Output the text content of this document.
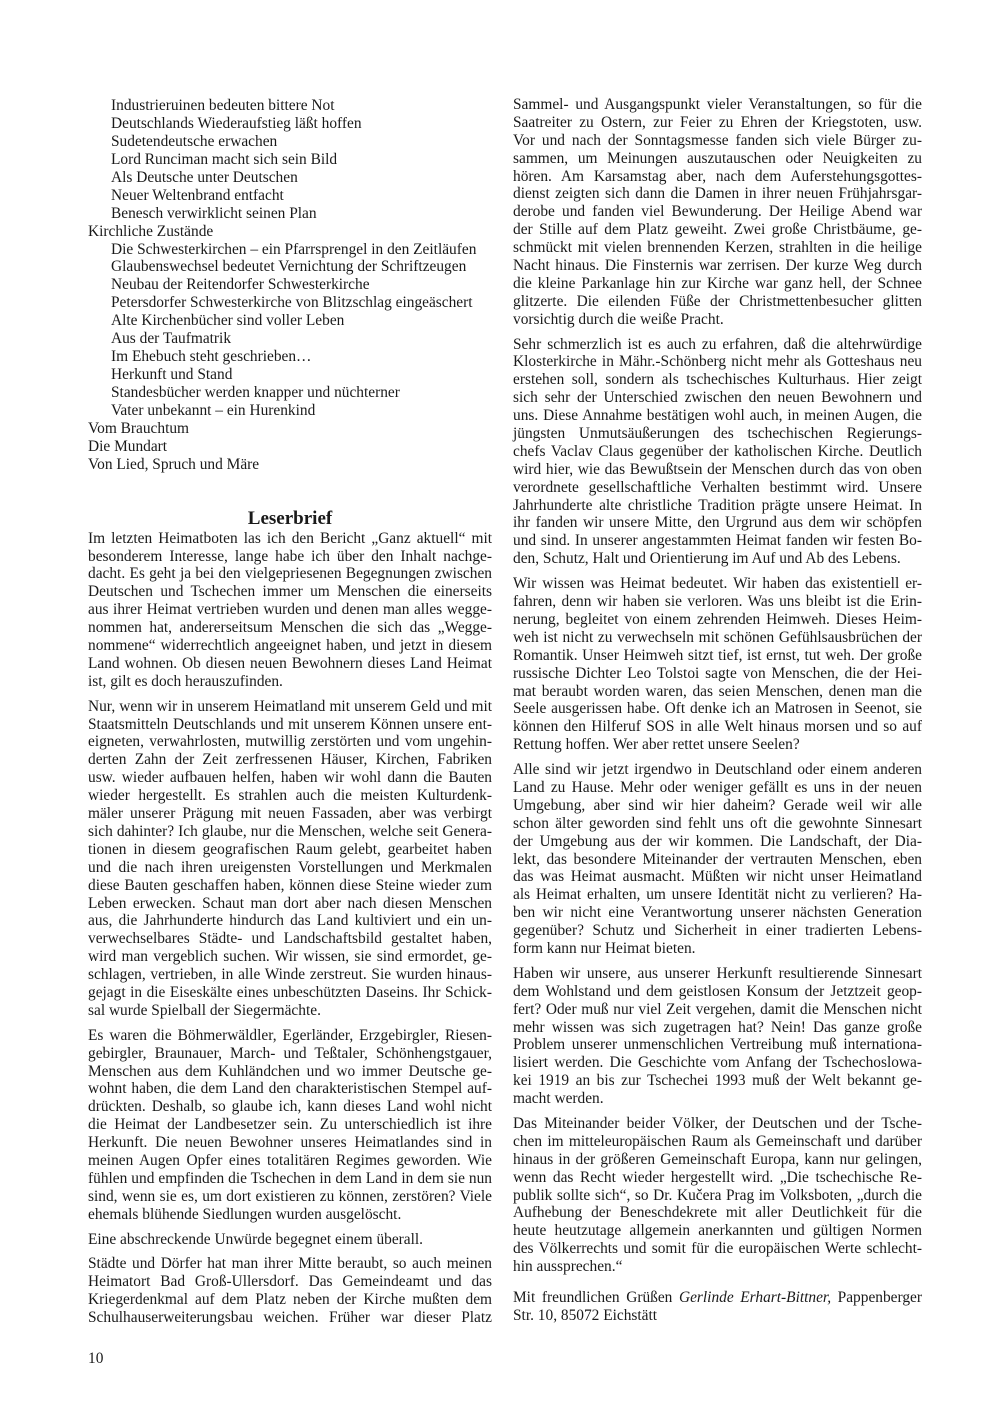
Industrieruinen bedeuten bittere Not
Deutschlands Wiederaufstieg läßt hoffen
Sudetendeutsche erwachen
Lord Runciman macht sich sein Bild
Als Deutsche unter Deutschen
Neuer Weltenbrand entfacht
Benesch verwirklicht seinen Plan
Kirchliche Zustände
Die Schwesterkirchen – ein Pfarrsprengel in den Zeitläufen
Glaubenswechsel bedeutet Vernichtung der Schriftzeugen
Neubau der Reitendorfer Schwesterkirche
Petersdorfer Schwesterkirche von Blitzschlag eingeäschert
Alte Kirchenbücher sind voller Leben
Aus der Taufmatrik
Im Ehebuch steht geschrieben…
Herkunft und Stand
Standesbücher werden knapper und nüchterner
Vater unbekannt – ein Hurenkind
Vom Brauchtum
Die Mundart
Von Lied, Spruch und Märe
Leserbrief
Im letzten Heimatboten las ich den Bericht „Ganz aktuell“ mit
besonderem Interesse, lange habe ich über den Inhalt nachge-
dacht. Es geht ja bei den vielgepriesenen Begegnungen zwischen
Deutschen und Tschechen immer um Menschen die einerseits
aus ihrer Heimat vertrieben wurden und denen man alles wegge-
nommen hat, andererseitsum Menschen die sich das „Wegge-
nommene“ widerrechtlich angeeignet haben, und jetzt in diesem
Land wohnen. Ob diesen neuen Bewohnern dieses Land Heimat
ist, gilt es doch herauszufinden.
Nur, wenn wir in unserem Heimatland mit unserem Geld und mit
Staatsmitteln Deutschlands und mit unserem Können unsere ent-
eigneten, verwahrlosten, mutwillig zerstörten und vom ungehin-
derten Zahn der Zeit zerfressenen Häuser, Kirchen, Fabriken
usw. wieder aufbauen helfen, haben wir wohl dann die Bauten
wieder hergestellt. Es strahlen auch die meisten Kulturdenk-
mäler unserer Prägung mit neuen Fassaden, aber was verbirgt
sich dahinter? Ich glaube, nur die Menschen, welche seit Genera-
tionen in diesem geografischen Raum gelebt, gearbeitet haben
und die nach ihren ureigensten Vorstellungen und Merkmalen
diese Bauten geschaffen haben, können diese Steine wieder zum
Leben erwecken. Schaut man dort aber nach diesen Menschen
aus, die Jahrhunderte hindurch das Land kultiviert und ein un-
verwechselbares Städte- und Landschaftsbild gestaltet haben,
wird man vergeblich suchen. Wir wissen, sie sind ermordet, ge-
schlagen, vertrieben, in alle Winde zerstreut. Sie wurden hinaus-
gejagt in die Eiseskälte eines unbeschützten Daseins. Ihr Schick-
sal wurde Spielball der Siegermächte.
Es waren die Böhmerwäldler, Egerländer, Erzgebirgler, Riesen-
gebirgler, Braunauer, March- und Teßtaler, Schönhengstgauer,
Menschen aus dem Kuhländchen und wo immer Deutsche ge-
wohnt haben, die dem Land den charakteristischen Stempel auf-
drückten. Deshalb, so glaube ich, kann dieses Land wohl nicht
die Heimat der Landbesetzer sein. Zu unterschiedlich ist ihre
Herkunft. Die neuen Bewohner unseres Heimatlandes sind in
meinen Augen Opfer eines totalitären Regimes geworden. Wie
fühlen und empfinden die Tschechen in dem Land in dem sie nun
sind, wenn sie es, um dort existieren zu können, zerstören? Viele
ehemals blühende Siedlungen wurden ausgelöscht.
Eine abschreckende Unwürde begegnet einem überall.
Städte und Dörfer hat man ihrer Mitte beraubt, so auch meinen
Heimatort Bad Groß-Ullersdorf. Das Gemeindeamt und das
Kriegerdenkmal auf dem Platz neben der Kirche mußten dem
Schulhauserweiterungsbau weichen. Früher war dieser Platz
Sammel- und Ausgangspunkt vieler Veranstaltungen, so für die
Saatreiter zu Ostern, zur Feier zu Ehren der Kriegstoten, usw.
Vor und nach der Sonntagsmesse fanden sich viele Bürger zu-
sammen, um Meinungen auszutauschen oder Neuigkeiten zu
hören. Am Karsamstag aber, nach dem Auferstehungsgottes-
dienst zeigten sich dann die Damen in ihrer neuen Frühjahrsgar-
derobe und fanden viel Bewunderung. Der Heilige Abend war
der Stille auf dem Platz geweiht. Zwei große Christbäume, ge-
schmückt mit vielen brennenden Kerzen, strahlten in die heilige
Nacht hinaus. Die Finsternis war zerrisen. Der kurze Weg durch
die kleine Parkanlage hin zur Kirche war ganz hell, der Schnee
glitzerte. Die eilenden Füße der Christmettenbesucher glitten
vorsichtig durch die weiße Pracht.
Sehr schmerzlich ist es auch zu erfahren, daß die altehrwürdige
Klosterkirche in Mähr.-Schönberg nicht mehr als Gotteshaus neu
erstehen soll, sondern als tschechisches Kulturhaus. Hier zeigt
sich sehr der Unterschied zwischen den neuen Bewohnern und
uns. Diese Annahme bestätigen wohl auch, in meinen Augen, die
jüngsten Unmutsäußerungen des tschechischen Regierungs-
chefs Vaclav Claus gegenüber der katholischen Kirche. Deutlich
wird hier, wie das Bewußtsein der Menschen durch das von oben
verordnete gesellschaftliche Verhalten bestimmt wird. Unsere
Jahrhunderte alte christliche Tradition prägte unsere Heimat. In
ihr fanden wir unsere Mitte, den Urgrund aus dem wir schöpfen
und sind. In unserer angestammten Heimat fanden wir festen Bo-
den, Schutz, Halt und Orientierung im Auf und Ab des Lebens.
Wir wissen was Heimat bedeutet. Wir haben das existentiell er-
fahren, denn wir haben sie verloren. Was uns bleibt ist die Erin-
nerung, begleitet von einem zehrenden Heimweh. Dieses Heim-
weh ist nicht zu verwechseln mit schönen Gefühlsausbrüchen der
Romantik. Unser Heimweh sitzt tief, ist ernst, tut weh. Der große
russische Dichter Leo Tolstoi sagte von Menschen, die der Hei-
mat beraubt worden waren, das seien Menschen, denen man die
Seele ausgerissen habe. Oft denke ich an Matrosen in Seenot, sie
können den Hilferuf SOS in alle Welt hinaus morsen und so auf
Rettung hoffen. Wer aber rettet unsere Seelen?
Alle sind wir jetzt irgendwo in Deutschland oder einem anderen
Land zu Hause. Mehr oder weniger gefällt es uns in der neuen
Umgebung, aber sind wir hier daheim? Gerade weil wir alle
schon älter geworden sind fehlt uns oft die gewohnte Sinnesart
der Umgebung aus der wir kommen. Die Landschaft, der Dia-
lekt, das besondere Miteinander der vertrauten Menschen, eben
das was Heimat ausmacht. Müßten wir nicht unser Heimatland
als Heimat erhalten, um unsere Identität nicht zu verlieren? Ha-
ben wir nicht eine Verantwortung unserer nächsten Generation
gegenüber? Schutz und Sicherheit in einer tradierten Lebens-
form kann nur Heimat bieten.
Haben wir unsere, aus unserer Herkunft resultierende Sinnesart
dem Wohlstand und dem geistlosen Konsum der Jetztzeit geop-
fert? Oder muß nur viel Zeit vergehen, damit die Menschen nicht
mehr wissen was sich zugetragen hat? Nein! Das ganze große
Problem unserer unmenschlichen Vertreibung muß internationa-
lisiert werden. Die Geschichte vom Anfang der Tschechoslowa-
kei 1919 an bis zur Tschechei 1993 muß der Welt bekannt ge-
macht werden.
Das Miteinander beider Völker, der Deutschen und der Tsche-
chen im mitteleuropäischen Raum als Gemeinschaft und darüber
hinaus in der größeren Gemeinschaft Europa, kann nur gelingen,
wenn das Recht wieder hergestellt wird. „Die tschechische Re-
publik sollte sich“, so Dr. Kučera Prag im Volksboten, „durch die
Aufhebung der Beneschdekrete mit aller Deutlichkeit für die
heute heutzutage allgemein anerkannten und gültigen Normen
des Völkerrechts und somit für die europäischen Werte schlecht-
hin aussprechen.“
Mit freundlichen Grüßen Gerlinde Erhart-Bittner, Pappenberger
Str. 10, 85072 Eichstätt
10
